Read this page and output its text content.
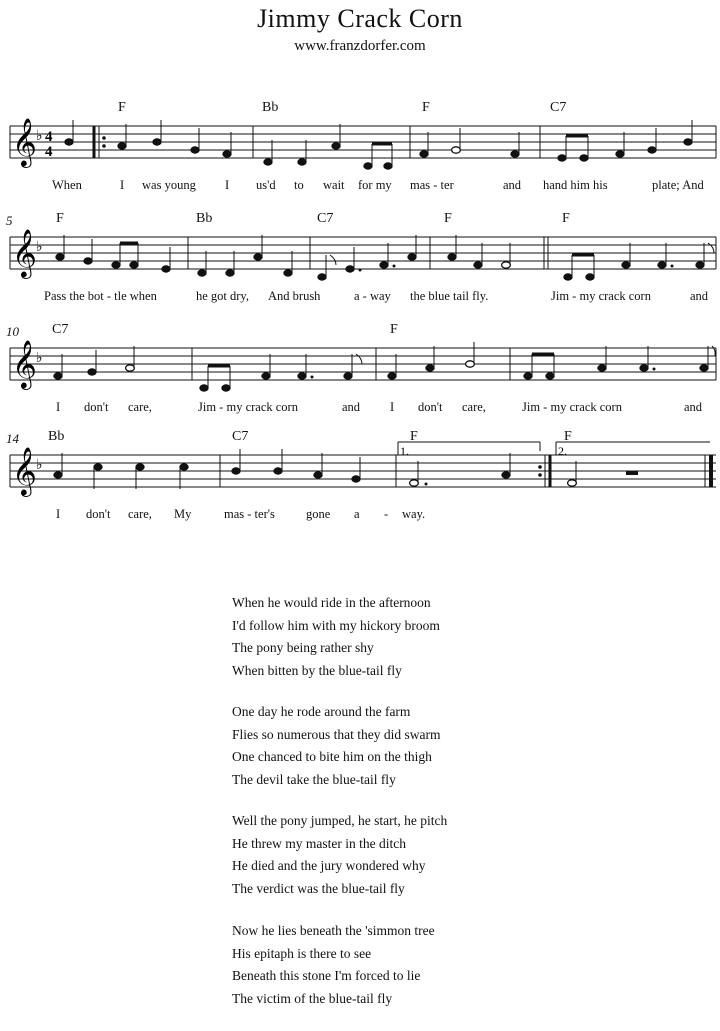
Jimmy Crack Corn
www.franzdorfer.com
F	Bb	F	C7
𝄞 ♭ 4
4
When	I was young I us'd to wait for my mas - ter	and hand him his	plate; And
5	F	Bb	C7	F	F
𝄞 ♭
Pass the bot - tle when	he got dry, And brush	a - way the blue tail fly.	Jim - my crack corn	and
10 C7	F
𝄞 ♭
I don't care,	Jim - my crack corn	and I don't care,	Jim - my crack corn	and
14 Bb	C7	F	F
1.	2.
𝄞 ♭
I don't care, My	mas - ter's gone a - way.
When he would ride in the afternoon
I'd follow him with my hickory broom
The pony being rather shy
When bitten by the blue-tail fly
One day he rode around the farm
Flies so numerous that they did swarm
One chanced to bite him on the thigh
The devil take the blue-tail fly
Well the pony jumped, he start, he pitch
He threw my master in the ditch
He died and the jury wondered why
The verdict was the blue-tail fly
Now he lies beneath the 'simmon tree
His epitaph is there to see
Beneath this stone I'm forced to lie
The victim of the blue-tail fly
